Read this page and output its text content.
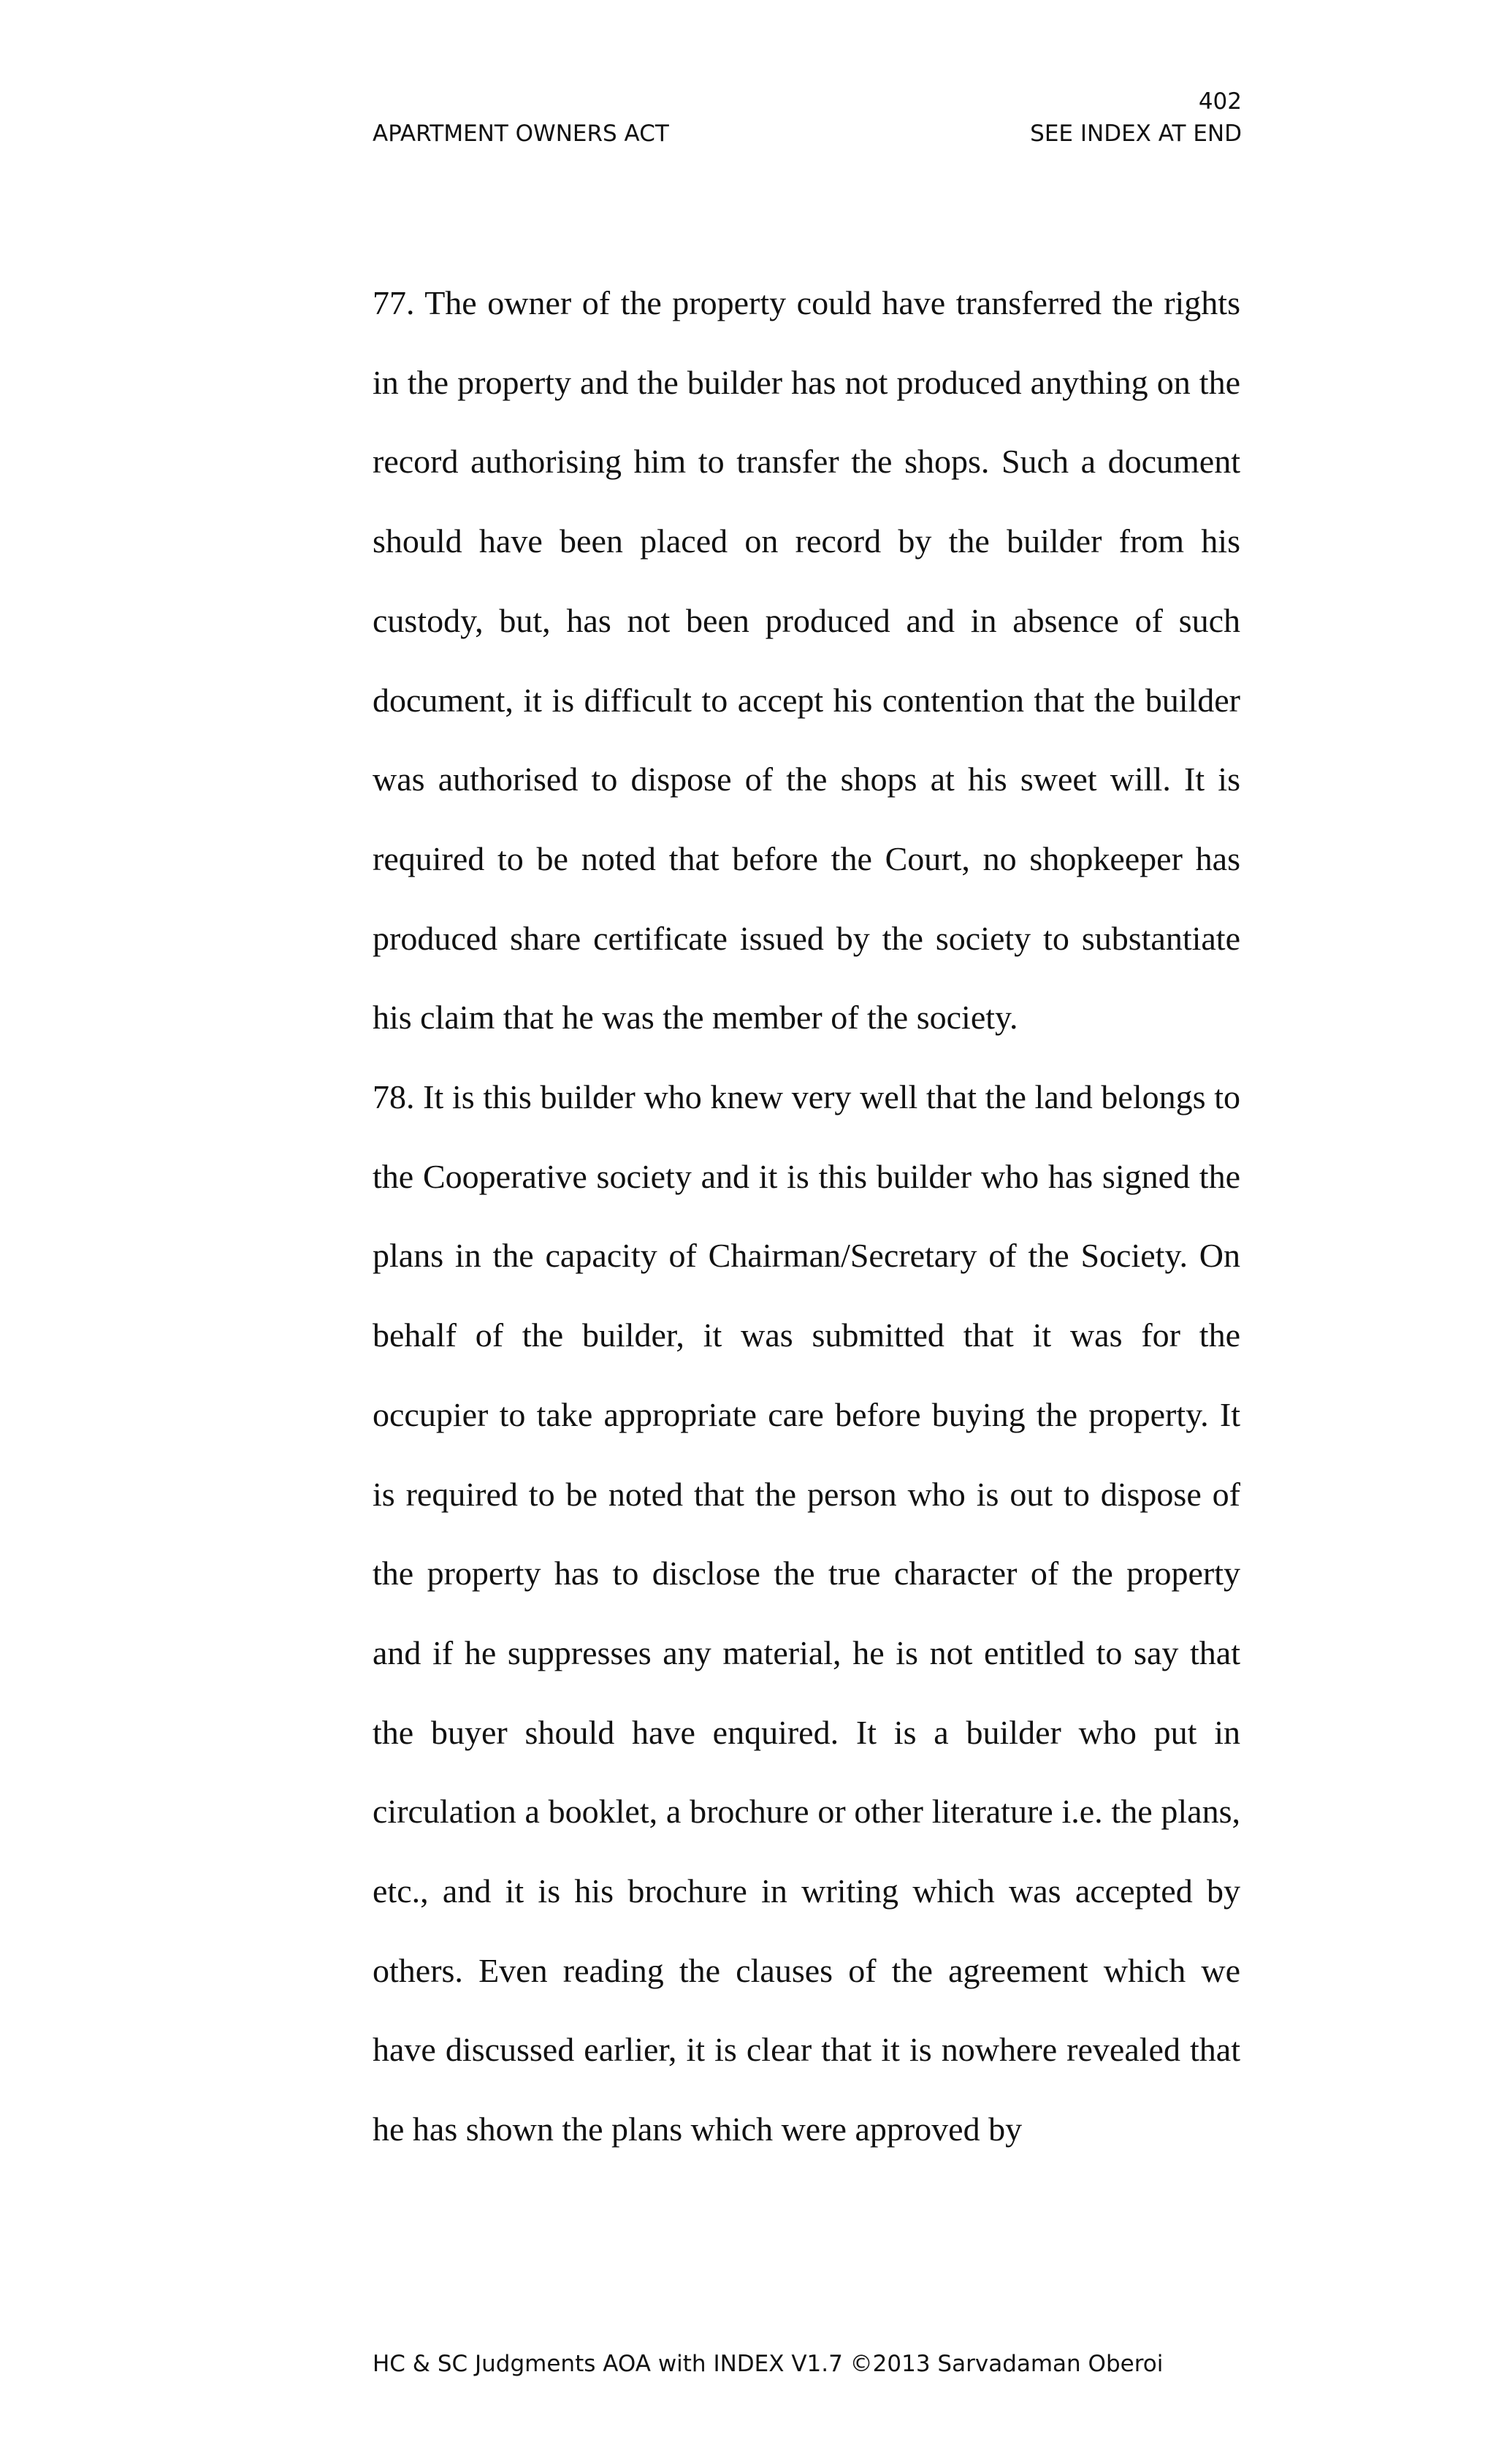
402
APARTMENT OWNERS ACT	SEE INDEX AT END

77. The owner of the property could have transferred the rights in the property and the builder has not produced anything on the record authorising him to transfer the shops. Such a document should have been placed on record by the builder from his custody, but, has not been produced and in absence of such document, it is difficult to accept his contention that the builder was authorised to dispose of the shops at his sweet will. It is required to be noted that before the Court, no shopkeeper has produced share certificate issued by the society to substantiate his claim that he was the member of the society.

78. It is this builder who knew very well that the land belongs to the Cooperative society and it is this builder who has signed the plans in the capacity of Chairman/Secretary of the Society. On behalf of the builder, it was submitted that it was for the occupier to take appropriate care before buying the property. It is required to be noted that the person who is out to dispose of the property has to disclose the true character of the property and if he suppresses any material, he is not entitled to say that the buyer should have enquired. It is a builder who put in circulation a booklet, a brochure or other literature i.e. the plans, etc., and it is his brochure in writing which was accepted by others. Even reading the clauses of the agreement which we have discussed earlier, it is clear that it is nowhere revealed that he has shown the plans which were approved by

HC & SC Judgments AOA with INDEX V1.7 ©2013 Sarvadaman Oberoi
